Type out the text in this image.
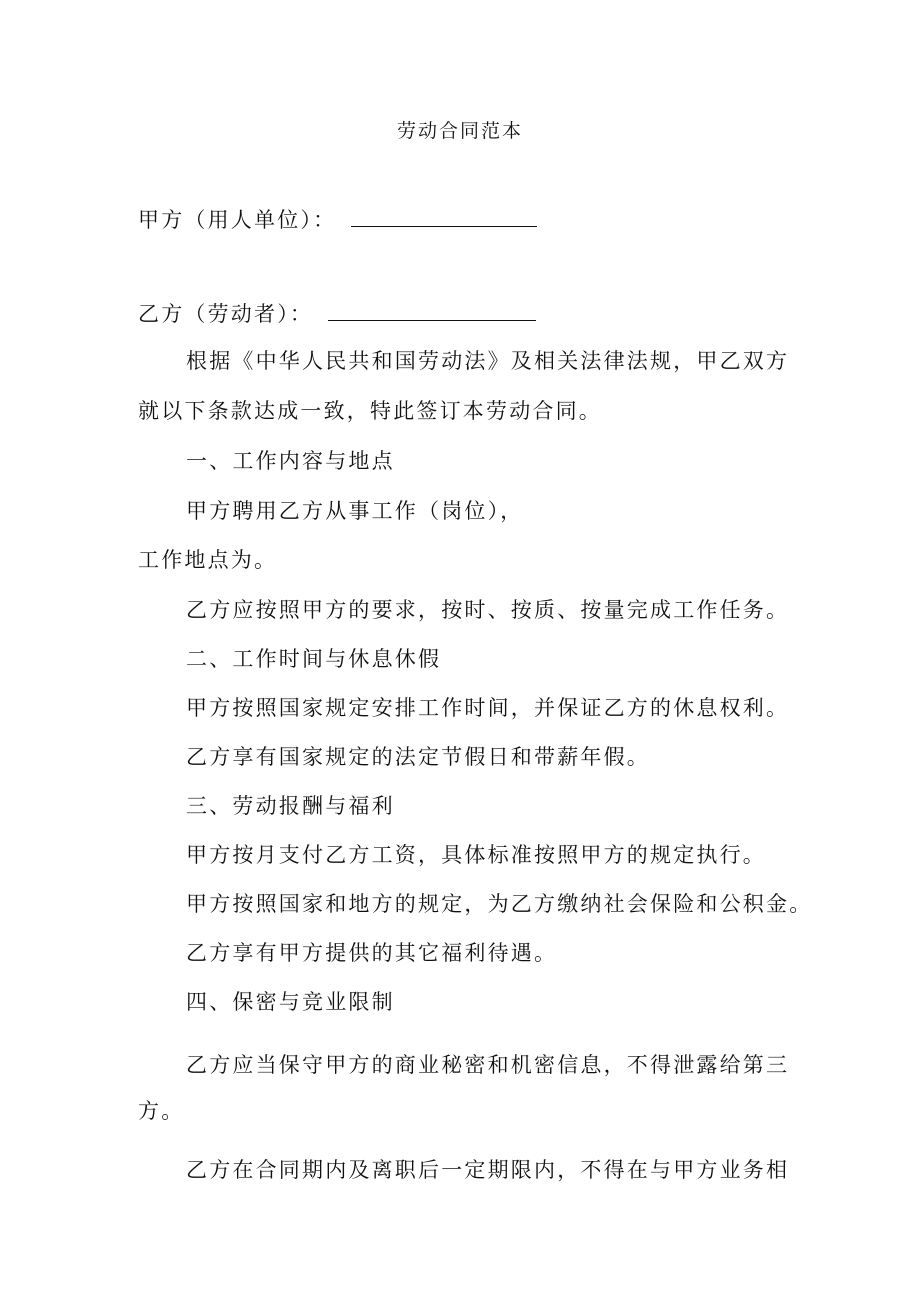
劳动合同范本
甲方（用人单位）：
乙方（劳动者）：
根据《中华人民共和国劳动法》及相关法律法规，甲乙双方
就以下条款达成一致，特此签订本劳动合同。
一、工作内容与地点
甲方聘用乙方从事工作（岗位），
工作地点为。
乙方应按照甲方的要求，按时、按质、按量完成工作任务。
二、工作时间与休息休假
甲方按照国家规定安排工作时间，并保证乙方的休息权利。
乙方享有国家规定的法定节假日和带薪年假。
三、劳动报酬与福利
甲方按月支付乙方工资，具体标准按照甲方的规定执行。
甲方按照国家和地方的规定，为乙方缴纳社会保险和公积金。
乙方享有甲方提供的其它福利待遇。
四、保密与竞业限制
乙方应当保守甲方的商业秘密和机密信息，不得泄露给第三
方。
乙方在合同期内及离职后一定期限内，不得在与甲方业务相
